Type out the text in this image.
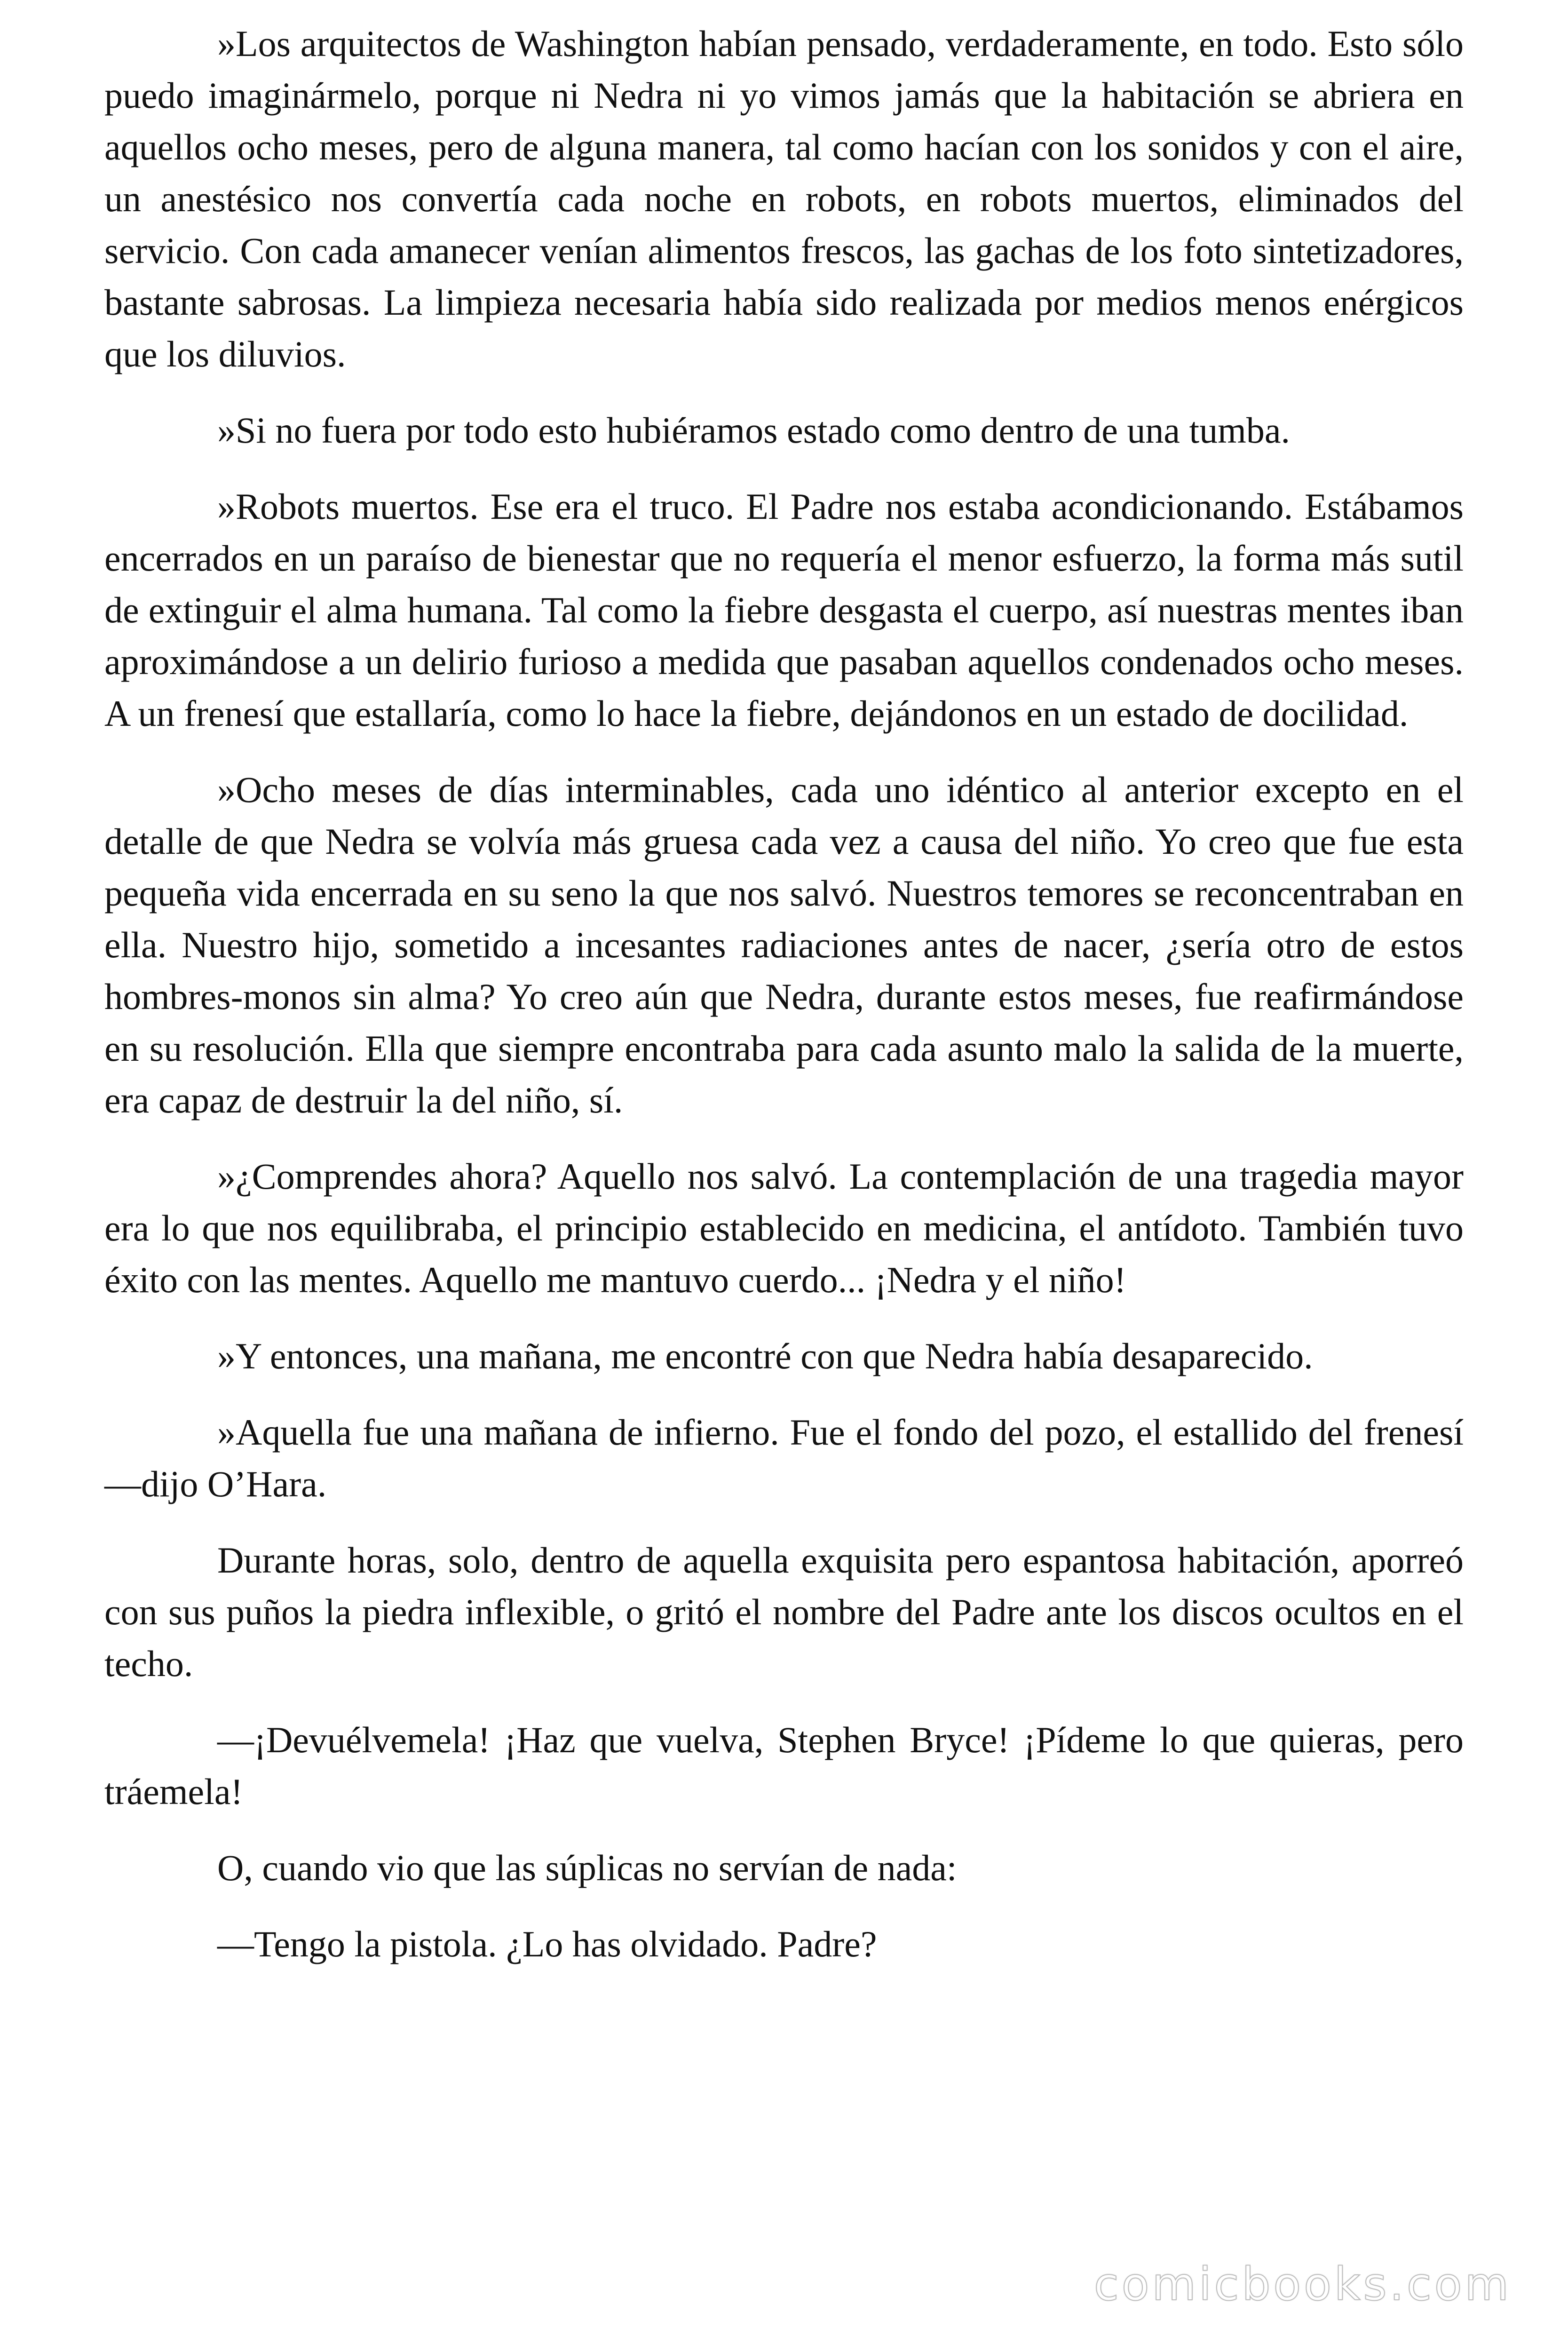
»Los arquitectos de Washington habían pensado, verdaderamente, en todo. Esto sólo puedo imaginármelo, porque ni Nedra ni yo vimos jamás que la habitación se abriera en aquellos ocho meses, pero de alguna manera, tal como hacían con los sonidos y con el aire, un anestésico nos convertía cada noche en robots, en robots muertos, eliminados del servicio. Con cada amanecer venían alimentos frescos, las gachas de los foto sintetizadores, bastante sabrosas. La limpieza necesaria había sido realizada por medios menos enérgicos que los diluvios.

»Si no fuera por todo esto hubiéramos estado como dentro de una tumba.

»Robots muertos. Ese era el truco. El Padre nos estaba acondicionando. Estábamos encerrados en un paraíso de bienestar que no requería el menor esfuerzo, la forma más sutil de extinguir el alma humana. Tal como la fiebre desgasta el cuerpo, así nuestras mentes iban aproximándose a un delirio furioso a medida que pasaban aquellos condenados ocho meses. A un frenesí que estallaría, como lo hace la fiebre, dejándonos en un estado de docilidad.

»Ocho meses de días interminables, cada uno idéntico al anterior excepto en el detalle de que Nedra se volvía más gruesa cada vez a causa del niño. Yo creo que fue esta pequeña vida encerrada en su seno la que nos salvó. Nuestros temores se reconcentraban en ella. Nuestro hijo, sometido a incesantes radiaciones antes de nacer, ¿sería otro de estos hombres-monos sin alma? Yo creo aún que Nedra, durante estos meses, fue reafirmándose en su resolución. Ella que siempre encontraba para cada asunto malo la salida de la muerte, era capaz de destruir la del niño, sí.

»¿Comprendes ahora? Aquello nos salvó. La contemplación de una tragedia mayor era lo que nos equilibraba, el principio establecido en medicina, el antídoto. También tuvo éxito con las mentes. Aquello me mantuvo cuerdo... ¡Nedra y el niño!

»Y entonces, una mañana, me encontré con que Nedra había desaparecido.

»Aquella fue una mañana de infierno. Fue el fondo del pozo, el estallido del frenesí —dijo O’Hara.

Durante horas, solo, dentro de aquella exquisita pero espantosa habitación, aporreó con sus puños la piedra inflexible, o gritó el nombre del Padre ante los discos ocultos en el techo.

—¡Devuélvemela! ¡Haz que vuelva, Stephen Bryce! ¡Pídeme lo que quieras, pero tráemela!

O, cuando vio que las súplicas no servían de nada:

—Tengo la pistola. ¿Lo has olvidado. Padre?

comicbooks.com
